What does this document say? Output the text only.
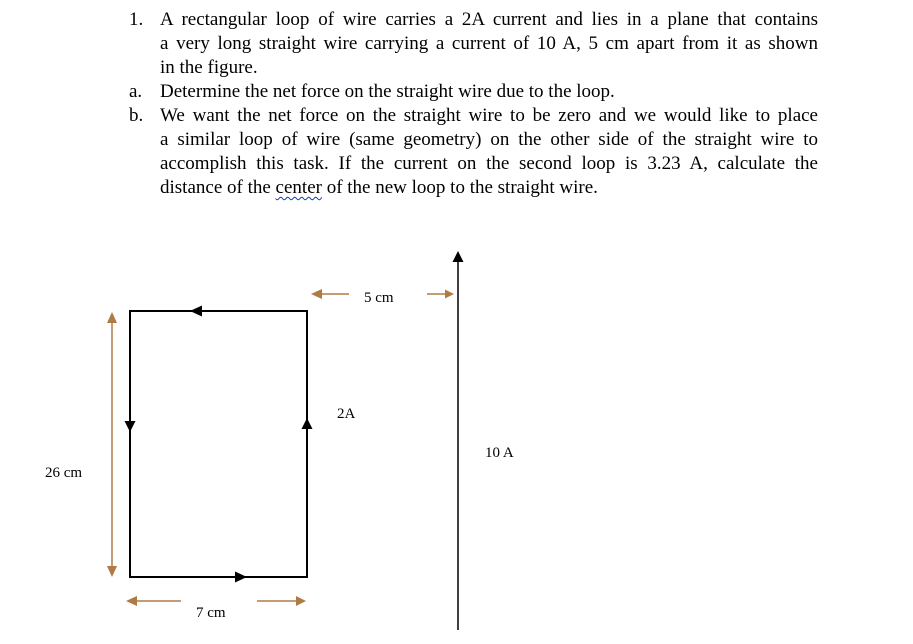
1. A rectangular loop of wire carries a 2A current and lies in a plane that contains
a very long straight wire carrying a current of 10 A, 5 cm apart from it as shown
in the figure.
a. Determine the net force on the straight wire due to the loop.
b. We want the net force on the straight wire to be zero and we would like to place
a similar loop of wire (same geometry) on the other side of the straight wire to
accomplish this task. If the current on the second loop is 3.23 A, calculate the
distance of the center of the new loop to the straight wire.
5 cm
26 cm
7 cm
2A
10 A
